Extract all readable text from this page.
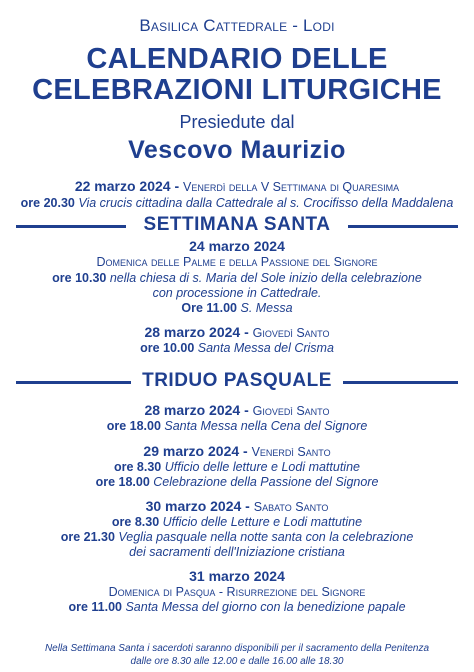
Basilica Cattedrale - Lodi
CALENDARIO DELLE
CELEBRAZIONI LITURGICHE
Presiedute dal
Vescovo Maurizio
22 marzo 2024 - Venerdì della V Settimana di Quaresima
ore 20.30 Via crucis cittadina dalla Cattedrale al s. Crocifisso della Maddalena
SETTIMANA SANTA
24 marzo 2024
Domenica delle Palme e della Passione del Signore
ore 10.30 nella chiesa di s. Maria del Sole inizio della celebrazione
con processione in Cattedrale.
Ore 11.00 S. Messa
28 marzo 2024 - Giovedì Santo
ore 10.00 Santa Messa del Crisma
TRIDUO PASQUALE
28 marzo 2024 - Giovedì Santo
ore 18.00 Santa Messa nella Cena del Signore
29 marzo 2024 - Venerdì Santo
ore 8.30 Ufficio delle letture e Lodi mattutine
ore 18.00 Celebrazione della Passione del Signore
30 marzo 2024 - Sabato Santo
ore 8.30 Ufficio delle Letture e Lodi mattutine
ore 21.30 Veglia pasquale nella notte santa con la celebrazione
dei sacramenti dell'Iniziazione cristiana
31 marzo 2024
Domenica di Pasqua - Risurrezione del Signore
ore 11.00 Santa Messa del giorno con la benedizione papale
Nella Settimana Santa i sacerdoti saranno disponibili per il sacramento della Penitenza
dalle ore 8.30 alle 12.00 e dalle 16.00 alle 18.30
